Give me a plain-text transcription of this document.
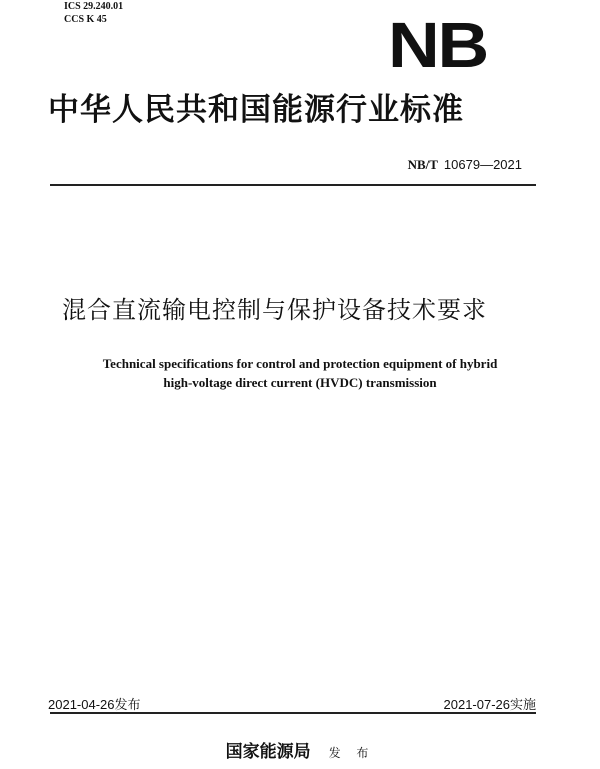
ICS 29.240.01
CCS K 45	NB
中华人民共和国能源行业标准
NB/T 10679—2021
混合直流输电控制与保护设备技术要求
Technical specifications for control and protection equipment of hybrid
high-voltage direct current (HVDC) transmission
2021-04-26发布	2021-07-26实施
国家能源局 发 布
